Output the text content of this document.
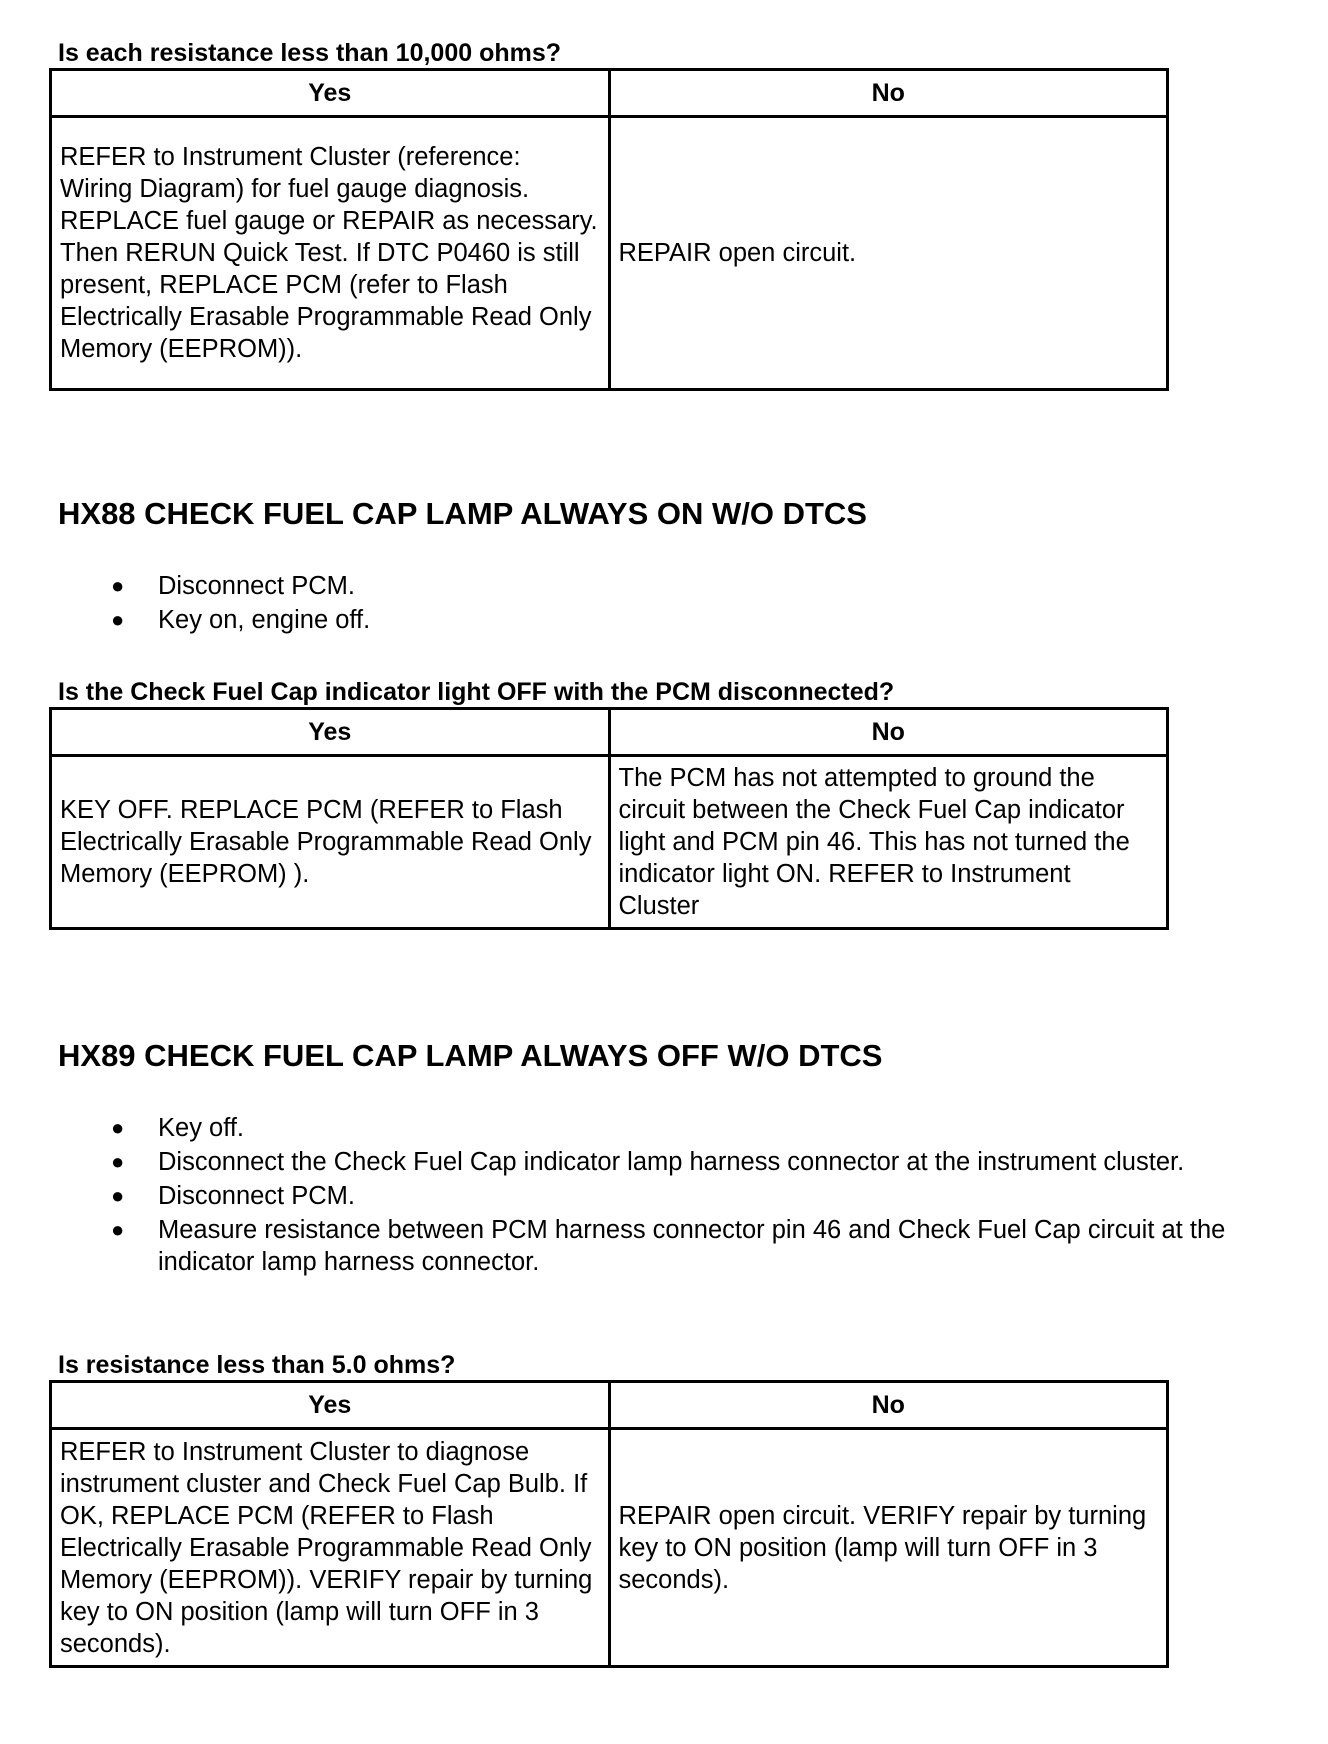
Is each resistance less than 10,000 ohms?
Yes	No
REFER to Instrument Cluster (reference: Wiring Diagram) for fuel gauge diagnosis. REPLACE fuel gauge or REPAIR as necessary. Then RERUN Quick Test. If DTC P0460 is still present, REPLACE PCM (refer to Flash Electrically Erasable Programmable Read Only Memory (EEPROM)).	REPAIR open circuit.
HX88 CHECK FUEL CAP LAMP ALWAYS ON W/O DTCS
● Disconnect PCM.
● Key on, engine off.
Is the Check Fuel Cap indicator light OFF with the PCM disconnected?
Yes	No
KEY OFF. REPLACE PCM (REFER to Flash Electrically Erasable Programmable Read Only Memory (EEPROM) ).	The PCM has not attempted to ground the circuit between the Check Fuel Cap indicator light and PCM pin 46. This has not turned the indicator light ON. REFER to Instrument Cluster
HX89 CHECK FUEL CAP LAMP ALWAYS OFF W/O DTCS
● Key off.
● Disconnect the Check Fuel Cap indicator lamp harness connector at the instrument cluster.
● Disconnect PCM.
● Measure resistance between PCM harness connector pin 46 and Check Fuel Cap circuit at the indicator lamp harness connector.
Is resistance less than 5.0 ohms?
Yes	No
REFER to Instrument Cluster to diagnose instrument cluster and Check Fuel Cap Bulb. If OK, REPLACE PCM (REFER to Flash Electrically Erasable Programmable Read Only Memory (EEPROM)). VERIFY repair by turning key to ON position (lamp will turn OFF in 3 seconds).	REPAIR open circuit. VERIFY repair by turning key to ON position (lamp will turn OFF in 3 seconds).
